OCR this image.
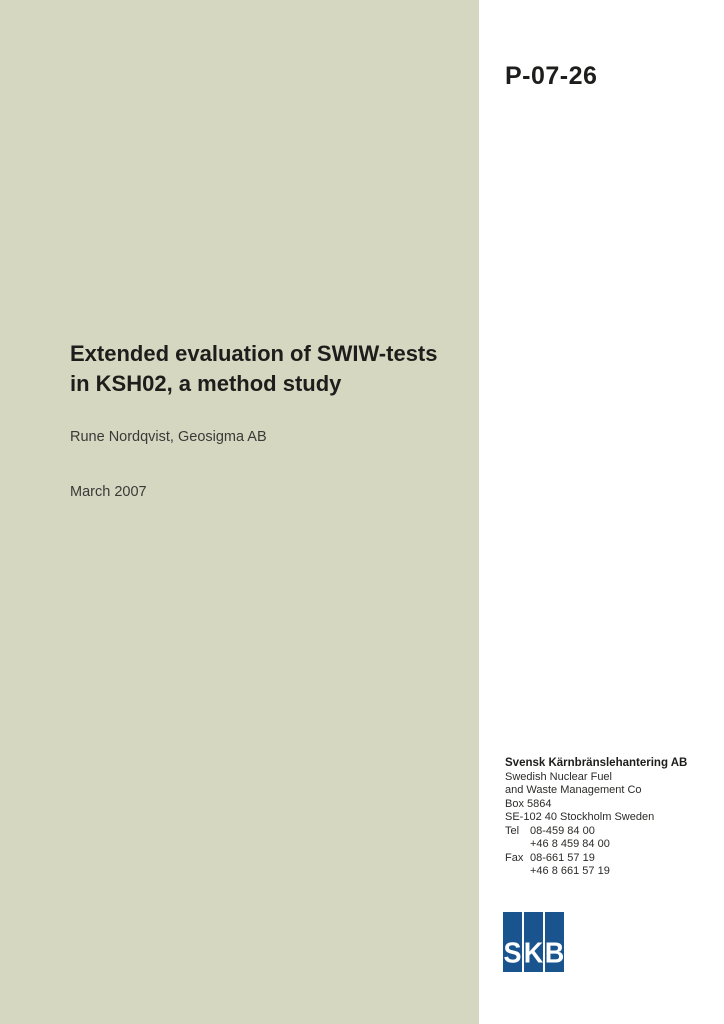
P-07-26
Extended evaluation of SWIW-tests
in KSH02, a method study
Rune Nordqvist, Geosigma AB
March 2007
Svensk Kärnbränslehantering AB
Swedish Nuclear Fuel
and Waste Management Co
Box 5864
SE-102 40 Stockholm Sweden
Tel 08-459 84 00
+46 8 459 84 00
Fax 08-661 57 19
+46 8 661 57 19
S K B
